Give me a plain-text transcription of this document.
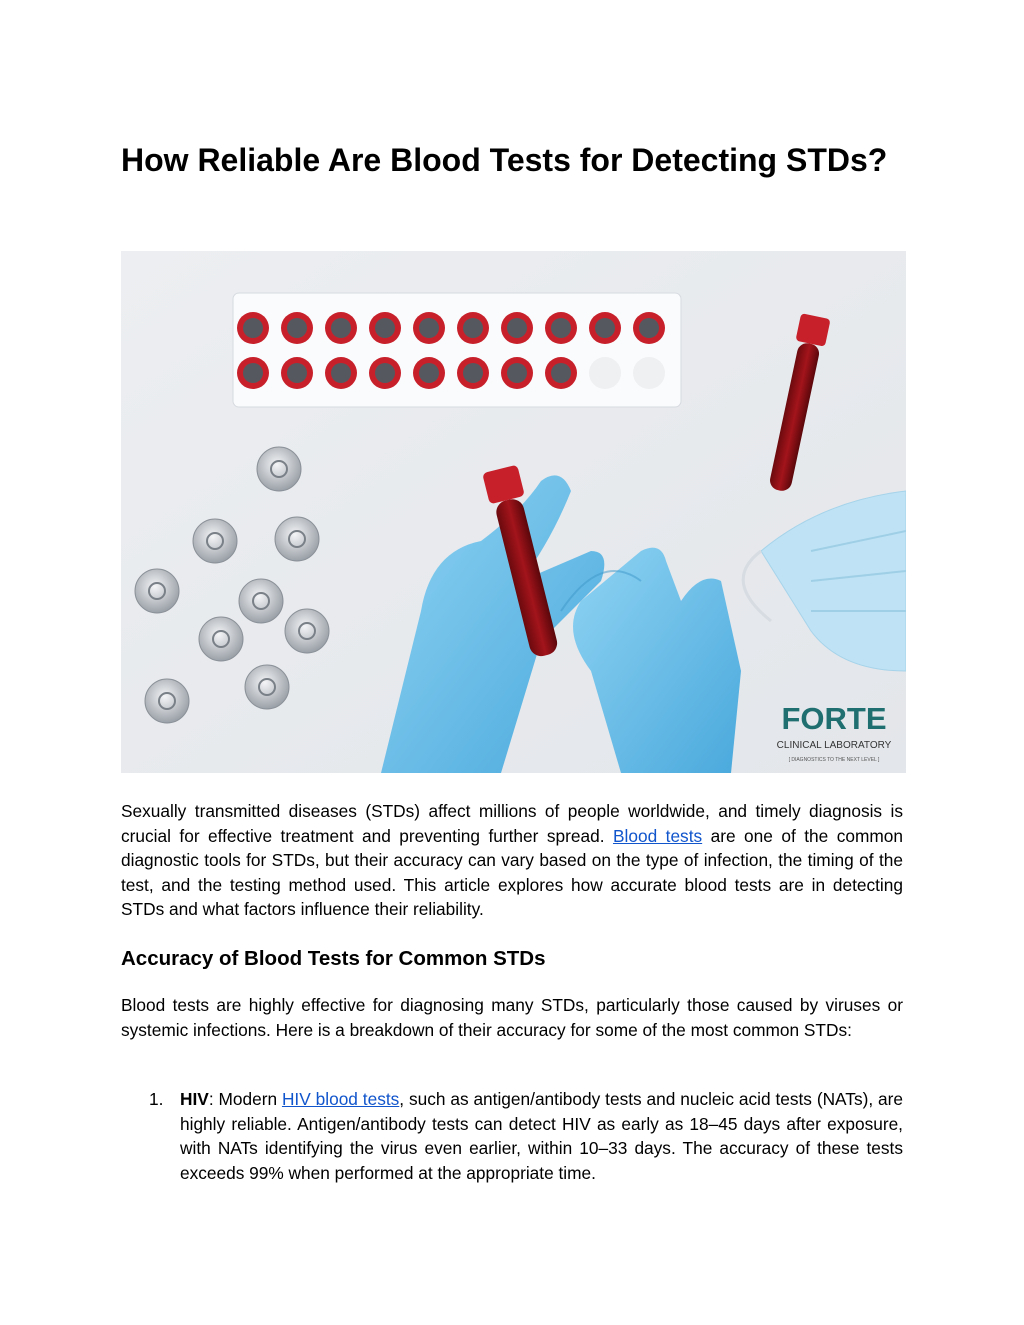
How Reliable Are Blood Tests for Detecting STDs?
FORTE
CLINICAL LABORATORY
[ DIAGNOSTICS TO THE NEXT LEVEL ]

Sexually transmitted diseases (STDs) affect millions of people worldwide, and timely diagnosis is crucial for effective treatment and preventing further spread. Blood tests are one of the common diagnostic tools for STDs, but their accuracy can vary based on the type of infection, the timing of the test, and the testing method used. This article explores how accurate blood tests are in detecting STDs and what factors influence their reliability.

Accuracy of Blood Tests for Common STDs

Blood tests are highly effective for diagnosing many STDs, particularly those caused by viruses or systemic infections. Here is a breakdown of their accuracy for some of the most common STDs:

1. HIV: Modern HIV blood tests, such as antigen/antibody tests and nucleic acid tests (NATs), are highly reliable. Antigen/antibody tests can detect HIV as early as 18–45 days after exposure, with NATs identifying the virus even earlier, within 10–33 days. The accuracy of these tests exceeds 99% when performed at the appropriate time.
